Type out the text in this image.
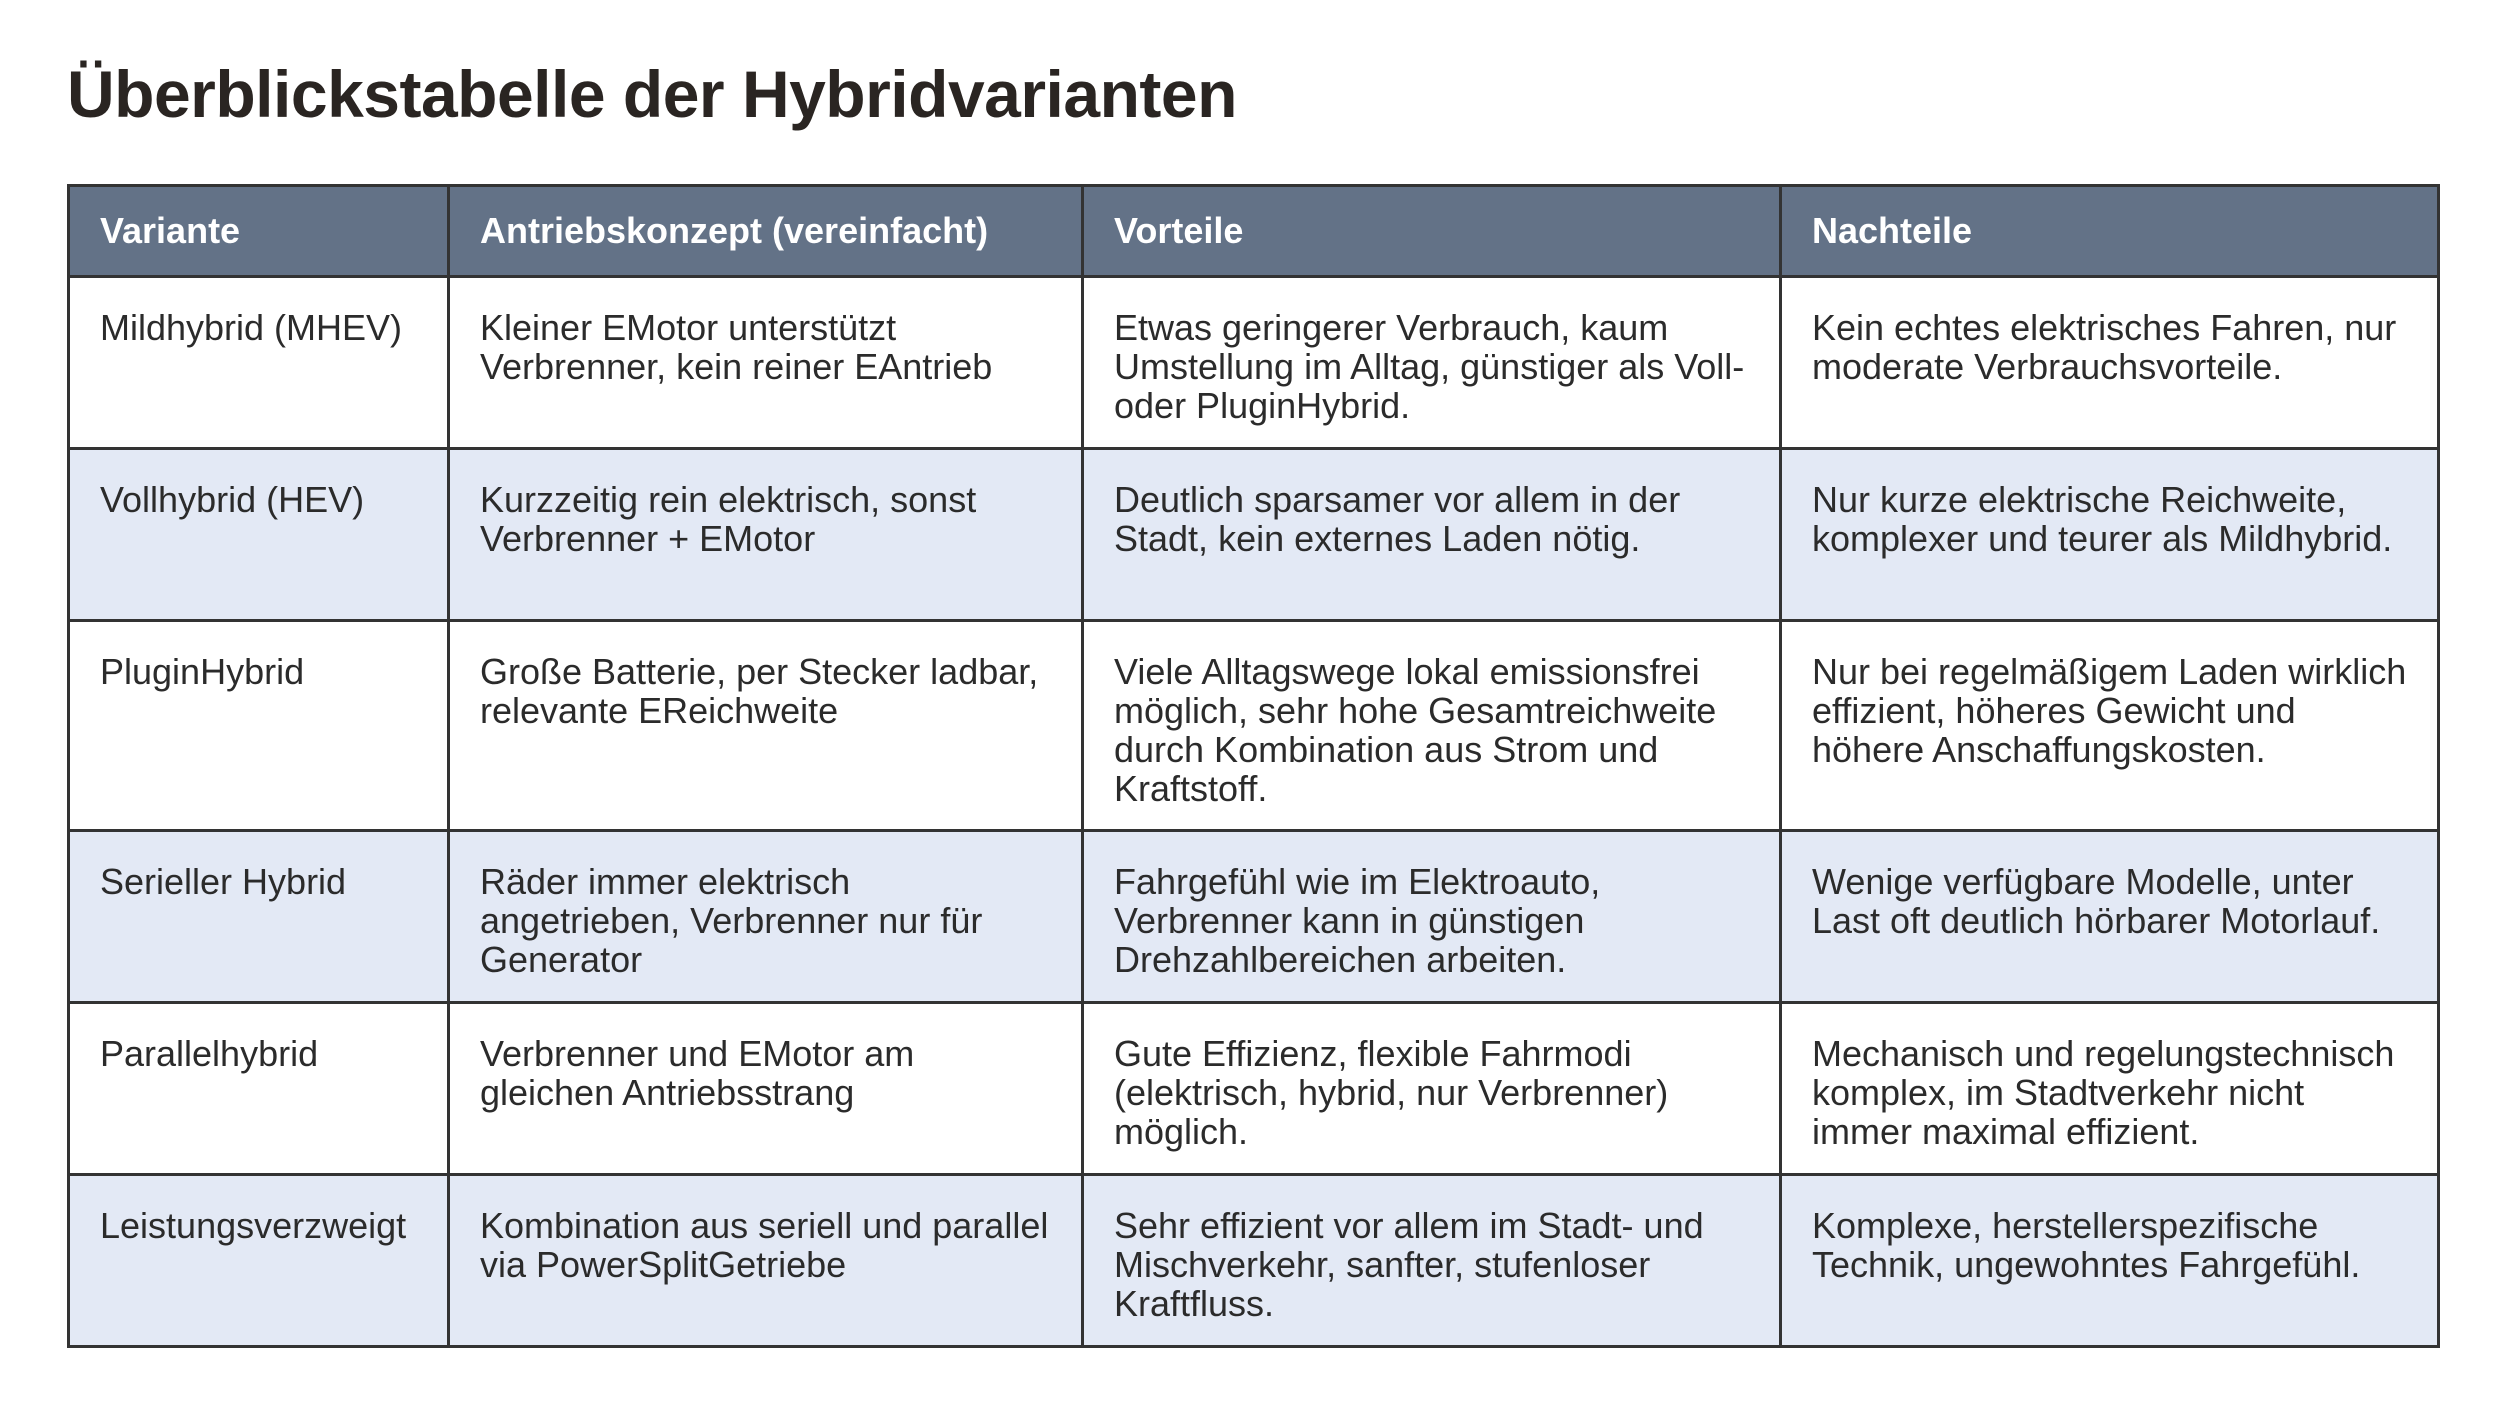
Überblickstabelle der Hybridvarianten
Variante	Antriebskonzept (vereinfacht)	Vorteile	Nachteile
Mildhybrid (MHEV)	Kleiner EMotor unterstützt Verbrenner, kein reiner EAntrieb	Etwas geringerer Verbrauch, kaum Umstellung im Alltag, günstiger als Voll- oder PluginHybrid.	Kein echtes elektrisches Fahren, nur moderate Verbrauchsvorteile.
Vollhybrid (HEV)	Kurzzeitig rein elektrisch, sonst Verbrenner + EMotor	Deutlich sparsamer vor allem in der Stadt, kein externes Laden nötig.	Nur kurze elektrische Reichweite, komplexer und teurer als Mildhybrid.
PluginHybrid	Große Batterie, per Stecker ladbar, relevante EReichweite	Viele Alltagswege lokal emissionsfrei möglich, sehr hohe Gesamtreichweite durch Kombination aus Strom und Kraftstoff.	Nur bei regelmäßigem Laden wirklich effizient, höheres Gewicht und höhere Anschaffungskosten.
Serieller Hybrid	Räder immer elektrisch angetrieben, Verbrenner nur für Generator	Fahrgefühl wie im Elektroauto, Verbrenner kann in günstigen Drehzahlbereichen arbeiten.	Wenige verfügbare Modelle, unter Last oft deutlich hörbarer Motorlauf.
Parallelhybrid	Verbrenner und EMotor am gleichen Antriebsstrang	Gute Effizienz, flexible Fahrmodi (elektrisch, hybrid, nur Verbrenner) möglich.	Mechanisch und regelungstechnisch komplex, im Stadtverkehr nicht immer maximal effizient.
Leistungsverzweigt	Kombination aus seriell und parallel via PowerSplitGetriebe	Sehr effizient vor allem im Stadt- und Mischverkehr, sanfter, stufenloser Kraftfluss.	Komplexe, herstellerspezifische Technik, ungewohntes Fahrgefühl.
